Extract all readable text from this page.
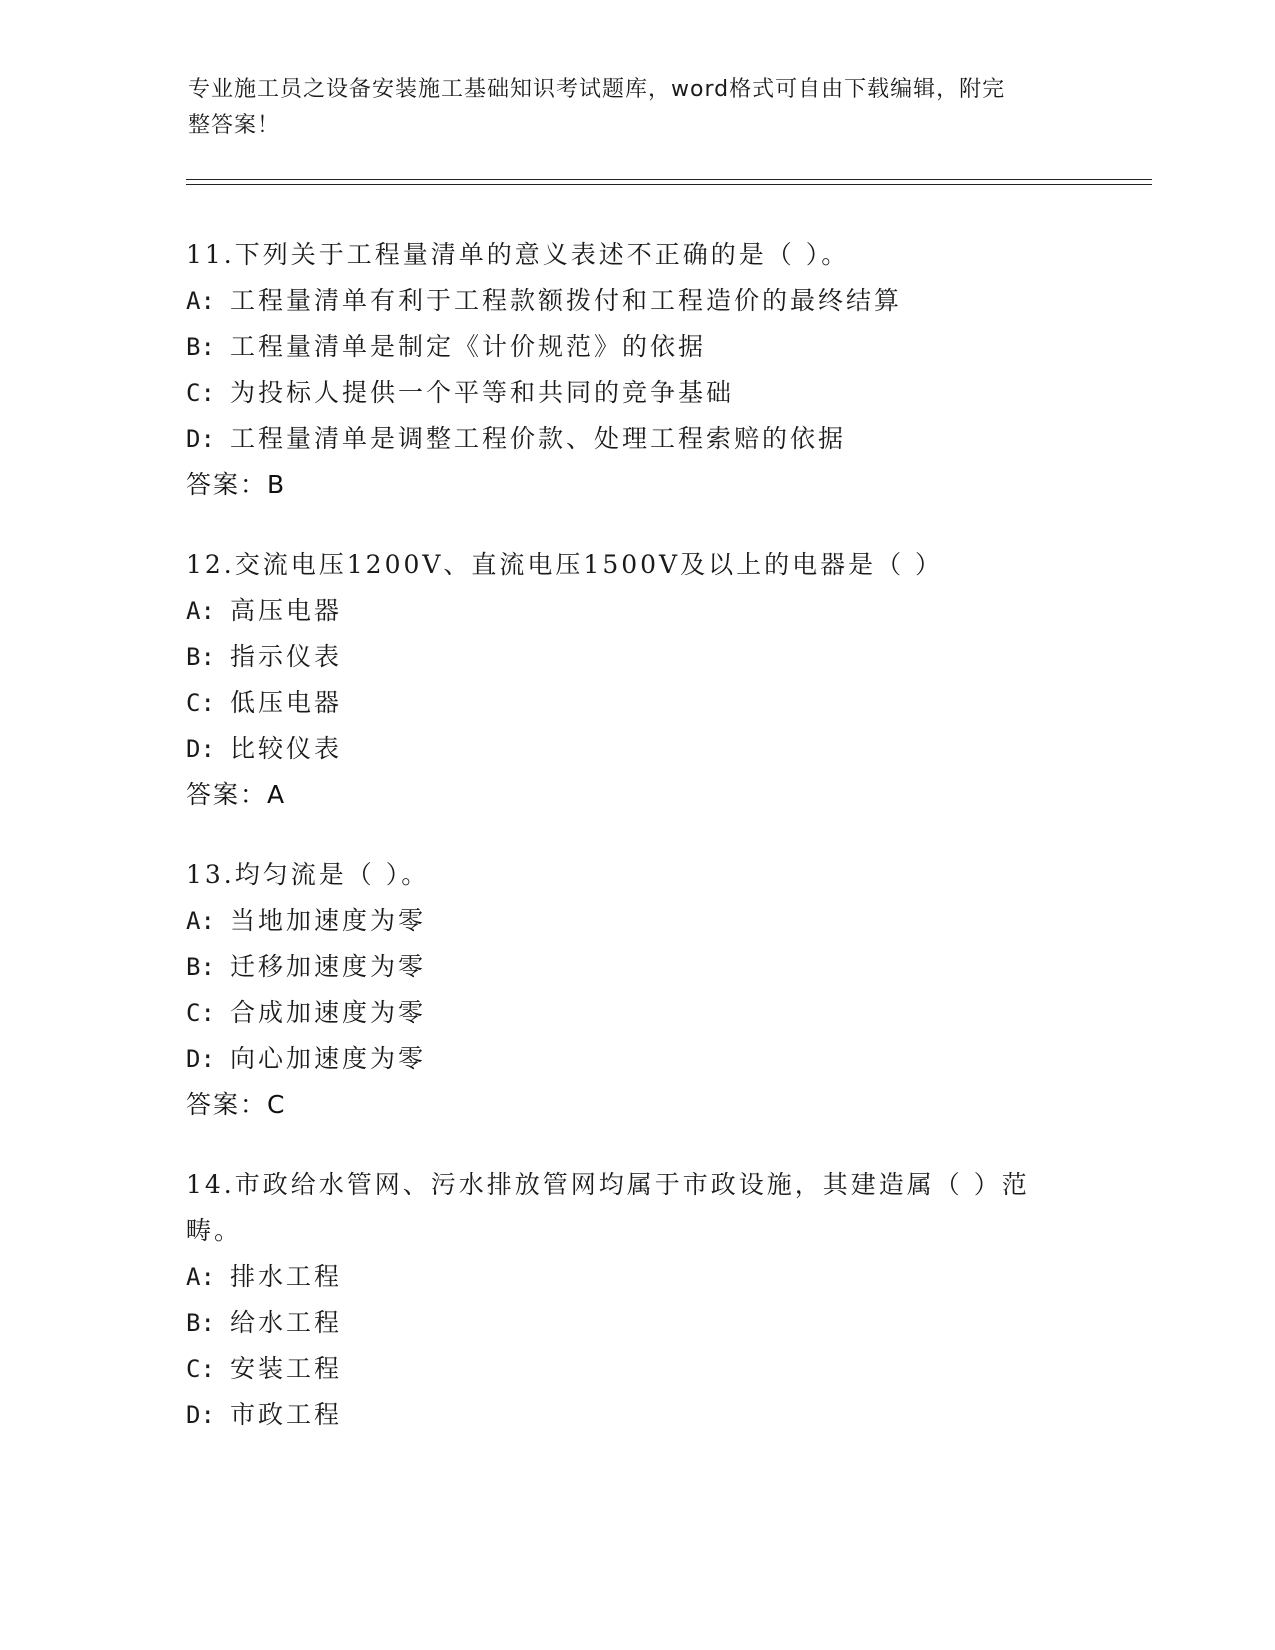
专业施工员之设备安装施工基础知识考试题库，word格式可自由下载编辑，附完
整答案！
11.下列关于工程量清单的意义表述不正确的是（ ）。
A: 工程量清单有利于工程款额拨付和工程造价的最终结算
B: 工程量清单是制定《计价规范》的依据
C: 为投标人提供一个平等和共同的竞争基础
D: 工程量清单是调整工程价款、处理工程索赔的依据
答案：B
12.交流电压1200V、直流电压1500V及以上的电器是（ ）
A: 高压电器
B: 指示仪表
C: 低压电器
D: 比较仪表
答案：A
13.均匀流是（ ）。
A: 当地加速度为零
B: 迁移加速度为零
C: 合成加速度为零
D: 向心加速度为零
答案：C
14.市政给水管网、污水排放管网均属于市政设施，其建造属（ ）范畴。
A: 排水工程
B: 给水工程
C: 安装工程
D: 市政工程
